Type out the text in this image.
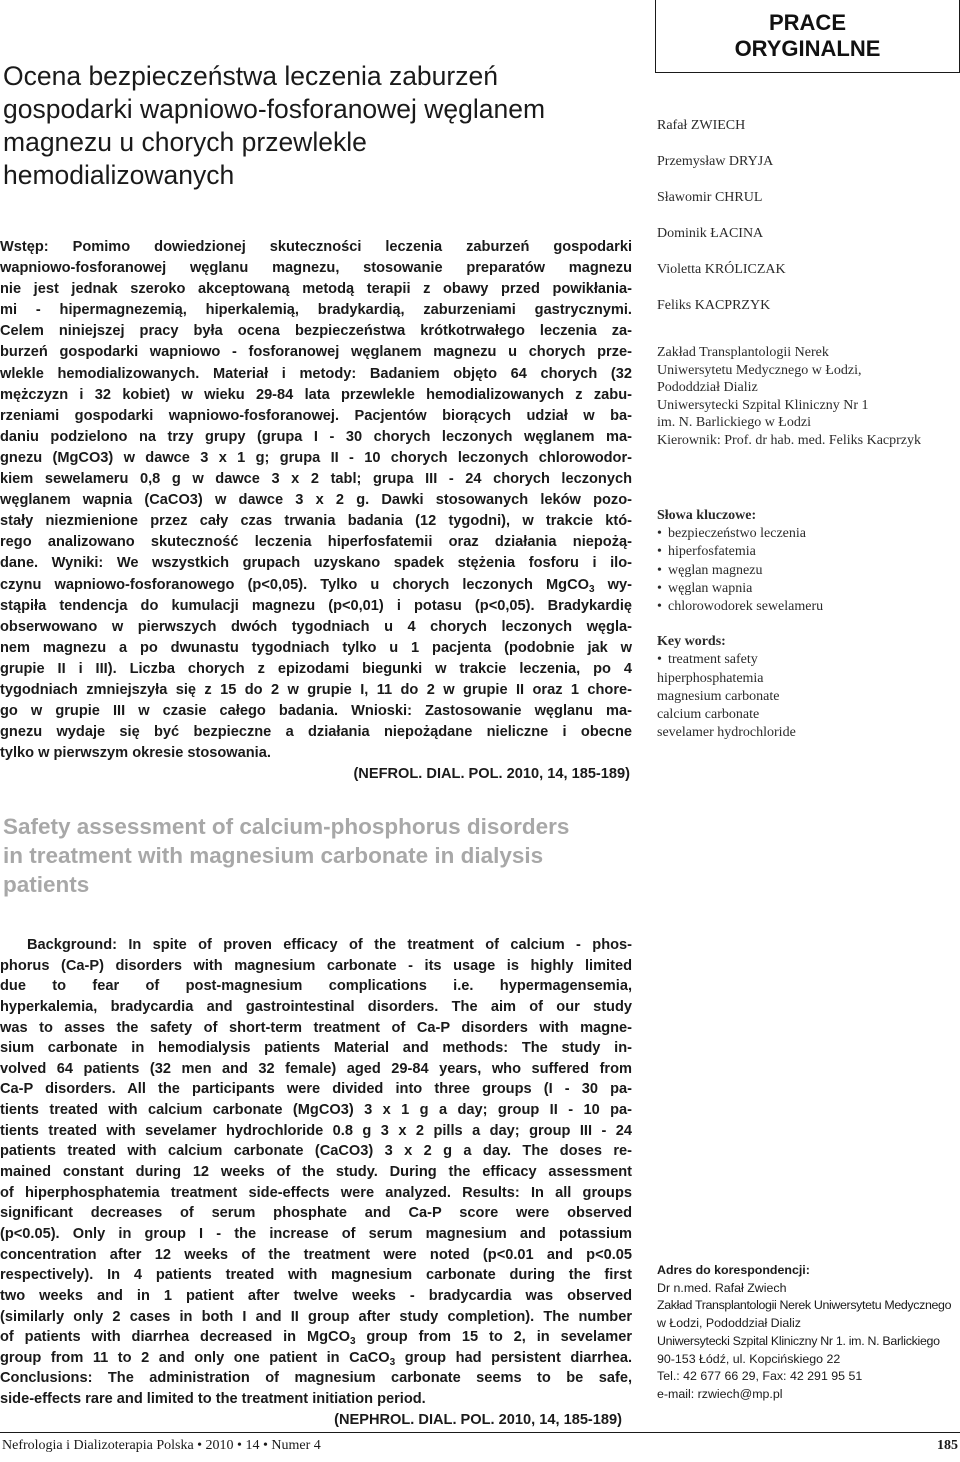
PRACE
ORYGINALNE
Ocena bezpieczeństwa leczenia zaburzeń
gospodarki wapniowo-fosforanowej węglanem
magnezu u chorych przewlekle
hemodializowanych
Wstęp: Pomimo dowiedzionej skuteczności leczenia zaburzeń gospodarki
wapniowo-fosforanowej węglanu magnezu, stosowanie preparatów magnezu
nie jest jednak szeroko akceptowaną metodą terapii z obawy przed powikłania-
mi - hipermagnezemią, hiperkalemią, bradykardią, zaburzeniami gastrycznymi.
Celem niniejszej pracy była ocena bezpieczeństwa krótkotrwałego leczenia za-
burzeń gospodarki wapniowo - fosforanowej węglanem magnezu u chorych prze-
wlekle hemodializowanych. Materiał i metody: Badaniem objęto 64 chorych (32
mężczyzn i 32 kobiet) w wieku 29-84 lata przewlekle hemodializowanych z zabu-
rzeniami gospodarki wapniowo-fosforanowej. Pacjentów biorących udział w ba-
daniu podzielono na trzy grupy (grupa I - 30 chorych leczonych węglanem ma-
gnezu (MgCO3) w dawce 3 x 1 g; grupa II - 10 chorych leczonych chlorowodor-
kiem sewelameru 0,8 g w dawce 3 x 2 tabl; grupa III - 24 chorych leczonych
węglanem wapnia (CaCO3) w dawce 3 x 2 g. Dawki stosowanych leków pozo-
stały niezmienione przez cały czas trwania badania (12 tygodni), w trakcie któ-
rego analizowano skuteczność leczenia hiperfosfatemii oraz działania niepożą-
dane. Wyniki: We wszystkich grupach uzyskano spadek stężenia fosforu i ilo-
czynu wapniowo-fosforanowego (p<0,05). Tylko u chorych leczonych MgCO$_3$ wy-
stąpiła tendencja do kumulacji magnezu (p<0,01) i potasu (p<0,05). Bradykardię
obserwowano w pierwszych dwóch tygodniach u 4 chorych leczonych węgla-
nem magnezu a po dwunastu tygodniach tylko u 1 pacjenta (podobnie jak w
grupie II i III). Liczba chorych z epizodami biegunki w trakcie leczenia, po 4
tygodniach zmniejszyła się z 15 do 2 w grupie I, 11 do 2 w grupie II oraz 1 chore-
go w grupie III w czasie całego badania. Wnioski: Zastosowanie węglanu ma-
gnezu wydaje się być bezpieczne a działania niepożądane nieliczne i obecne
tylko w pierwszym okresie stosowania.
(NEFROL. DIAL. POL. 2010, 14, 185-189)
Safety assessment of calcium-phosphorus disorders
in treatment with magnesium carbonate in dialysis
patients
Background: In spite of proven efficacy of the treatment of calcium - phos-
phorus (Ca-P) disorders with magnesium carbonate - its usage is highly limited
due to fear of post-magnesium complications i.e. hypermagensemia,
hyperkalemia, bradycardia and gastrointestinal disorders. The aim of our study
was to asses the safety of short-term treatment of Ca-P disorders with magne-
sium carbonate in hemodialysis patients Material and methods: The study in-
volved 64 patients (32 men and 32 female) aged 29-84 years, who suffered from
Ca-P disorders. All the participants were divided into three groups (I - 30 pa-
tients treated with calcium carbonate (MgCO3) 3 x 1 g a day; group II - 10 pa-
tients treated with sevelamer hydrochloride 0.8 g 3 x 2 pills a day; group III - 24
patients treated with calcium carbonate (CaCO3) 3 x 2 g a day. The doses re-
mained constant during 12 weeks of the study. During the efficacy assessment
of hiperphosphatemia treatment side-effects were analyzed. Results: In all groups
significant decreases of serum phosphate and Ca-P score were observed
(p<0.05). Only in group I - the increase of serum magnesium and potassium
concentration after 12 weeks of the treatment were noted (p<0.01 and p<0.05
respectively). In 4 patients treated with magnesium carbonate during the first
two weeks and in 1 patient after twelve weeks - bradycardia was observed
(similarly only 2 cases in both I and II group after study completion). The number
of patients with diarrhea decreased in MgCO$_3$ group from 15 to 2, in sevelamer
group from 11 to 2 and only one patient in CaCO$_3$ group had persistent diarrhea.
Conclusions: The administration of magnesium carbonate seems to be safe,
side-effects rare and limited to the treatment initiation period.
(NEPHROL. DIAL. POL. 2010, 14, 185-189)
Rafał ZWIECH
Przemysław DRYJA
Sławomir CHRUL
Dominik ŁACINA
Violetta KRÓLICZAK
Feliks KACPRZYK
Zakład Transplantologii Nerek
Uniwersytetu Medycznego w Łodzi,
Pododdział Dializ
Uniwersytecki Szpital Kliniczny Nr 1
im. N. Barlickiego w Łodzi
Kierownik: Prof. dr hab. med. Feliks Kacprzyk
Słowa kluczowe:
• bezpieczeństwo leczenia
• hiperfosfatemia
• węglan magnezu
• węglan wapnia
• chlorowodorek sewelameru
Key words:
• treatment safety
hiperphosphatemia
magnesium carbonate
calcium carbonate
sevelamer hydrochloride
Adres do korespondencji:
Dr n.med. Rafał Zwiech
Zakład Transplantologii Nerek Uniwersytetu Medycznego
w Łodzi, Pododdział Dializ
Uniwersytecki Szpital Kliniczny Nr 1. im. N. Barlickiego
90-153 Łódź, ul. Kopcińskiego 22
Tel.: 42 677 66 29, Fax: 42 291 95 51
e-mail: rzwiech@mp.pl
Nefrologia i Dializoterapia Polska • 2010 • 14 • Numer 4	185
